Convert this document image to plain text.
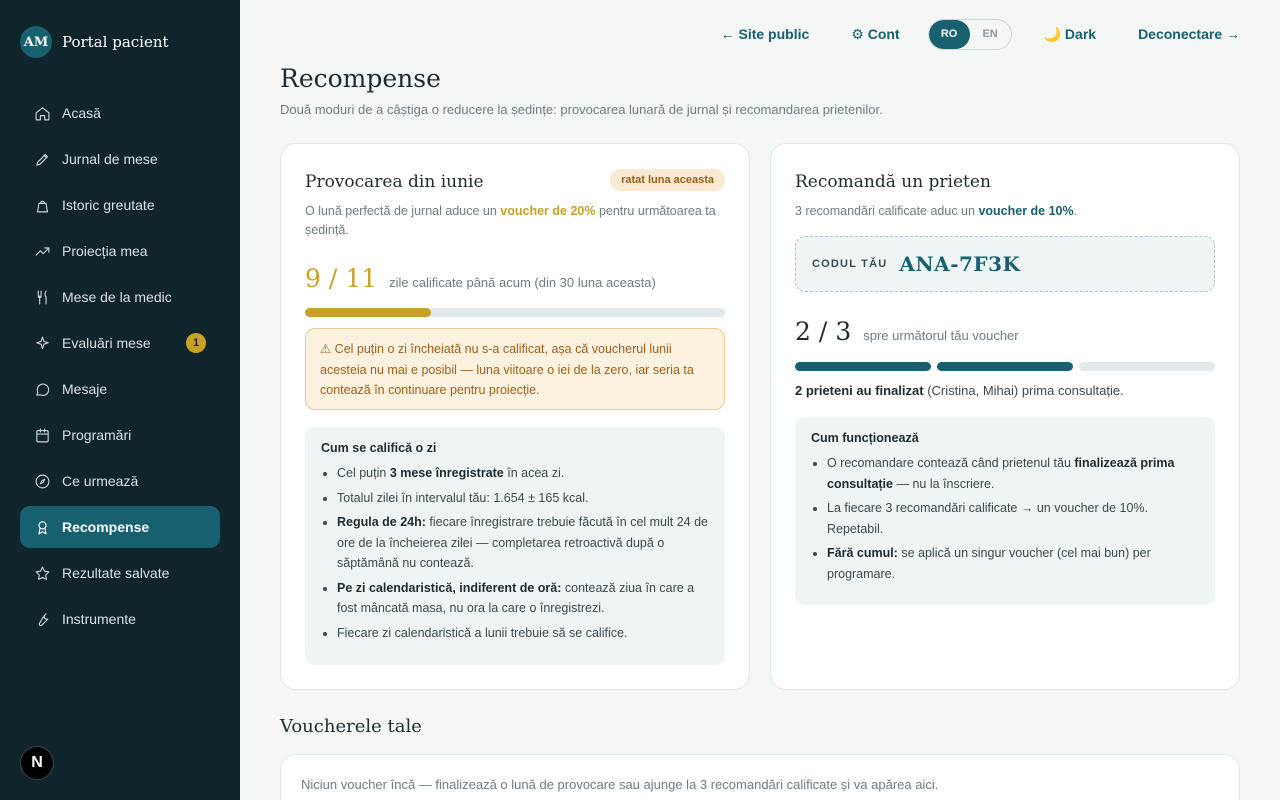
AM Portal pacient
Acasă
Jurnal de mese
Istoric greutate
Proiecția mea
Mese de la medic
Evaluări mese	1
Mesaje
Programări
Ce urmează
Recompense
Rezultate salvate
Instrumente
N
← Site public	⚙ Cont	RO	EN	🌙 Dark	Deconectare →
Recompense

Două moduri de a câștiga o reducere la ședințe: provocarea lunară de jurnal și recomandarea prietenilor.

Provocarea din iunie	ratat luna aceasta

O lună perfectă de jurnal aduce un voucher de 20% pentru următoarea ta ședință.

9 / 11 zile calificate până acum (din 30 luna aceasta)
⚠ Cel puțin o zi încheiată nu s-a calificat, așa că voucherul lunii acesteia nu mai e posibil — luna viitoare o iei de la zero, iar seria ta contează în continuare pentru proiecție.
Cum se califică o zi
• Cel puțin 3 mese înregistrate în acea zi.
• Totalul zilei în intervalul tău: 1.654 ± 165 kcal.
• Regula de 24h: fiecare înregistrare trebuie făcută în cel mult 24 de ore de la încheierea zilei — completarea retroactivă după o săptămână nu contează.
• Pe zi calendaristică, indiferent de oră: contează ziua în care a fost mâncată masa, nu ora la care o înregistrezi.
• Fiecare zi calendaristică a lunii trebuie să se califice.
Recomandă un prieten

3 recomandări calificate aduc un voucher de 10%.

CODUL TĂU ANA-7F3K
2 / 3 spre următorul tău voucher

2 prieteni au finalizat (Cristina, Mihai) prima consultație.

Cum funcționează
• O recomandare contează când prietenul tău finalizează prima consultație — nu la înscriere.
• La fiecare 3 recomandări calificate → un voucher de 10%. Repetabil.
• Fără cumul: se aplică un singur voucher (cel mai bun) per programare.
Voucherele tale
Niciun voucher încă — finalizează o lună de provocare sau ajunge la 3 recomandări calificate și va apărea aici.
